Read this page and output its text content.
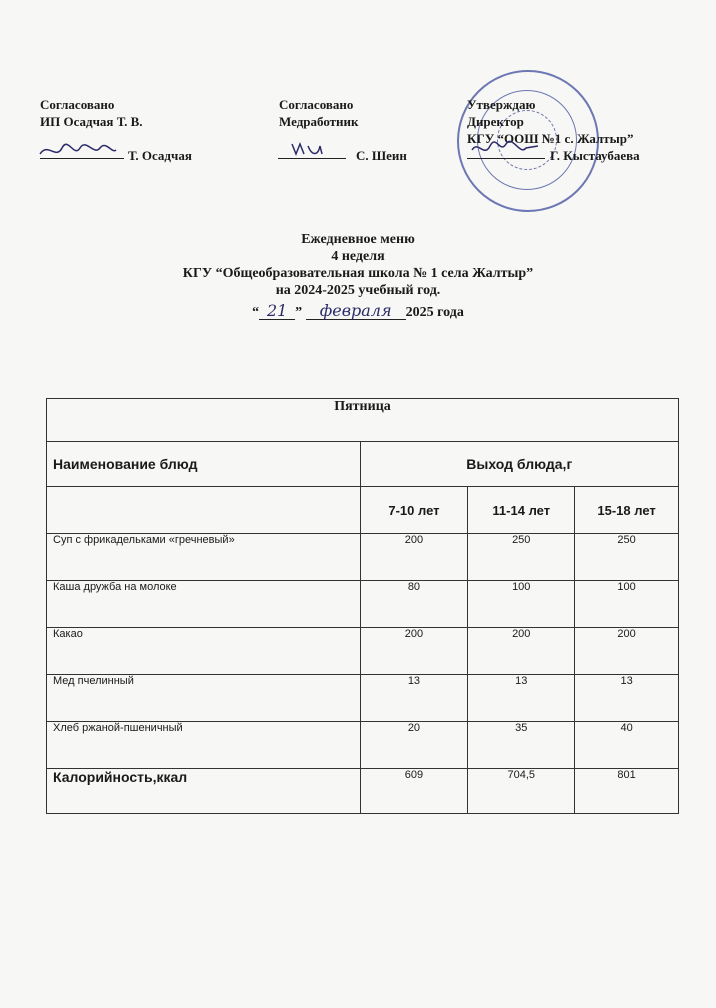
Согласовано
ИП Осадчая Т. В.
Т. Осадчая
Согласовано
Медработник
С. Шеин
Утверждаю
Директор
КГУ “ООШ №1 с. Жалтыр”
Г. Кыстаубаева
Ежедневное меню
4 неделя
КГУ “Общеобразовательная школа № 1 села Жалтыр”
на 2024-2025 учебный год.
“ 21 ” февраля 2025 года
Пятница			
Наименование блюд	Выход блюда,г		
	7-10 лет	11-14 лет	15-18 лет
Суп с фрикадельками «гречневый»	200	250	250
Каша дружба на молоке	80	100	100
Какао	200	200	200
Мед пчелинный	13	13	13
Хлеб ржаной-пшеничный	20	35	40
Калорийность,ккал	609	704,5	801
